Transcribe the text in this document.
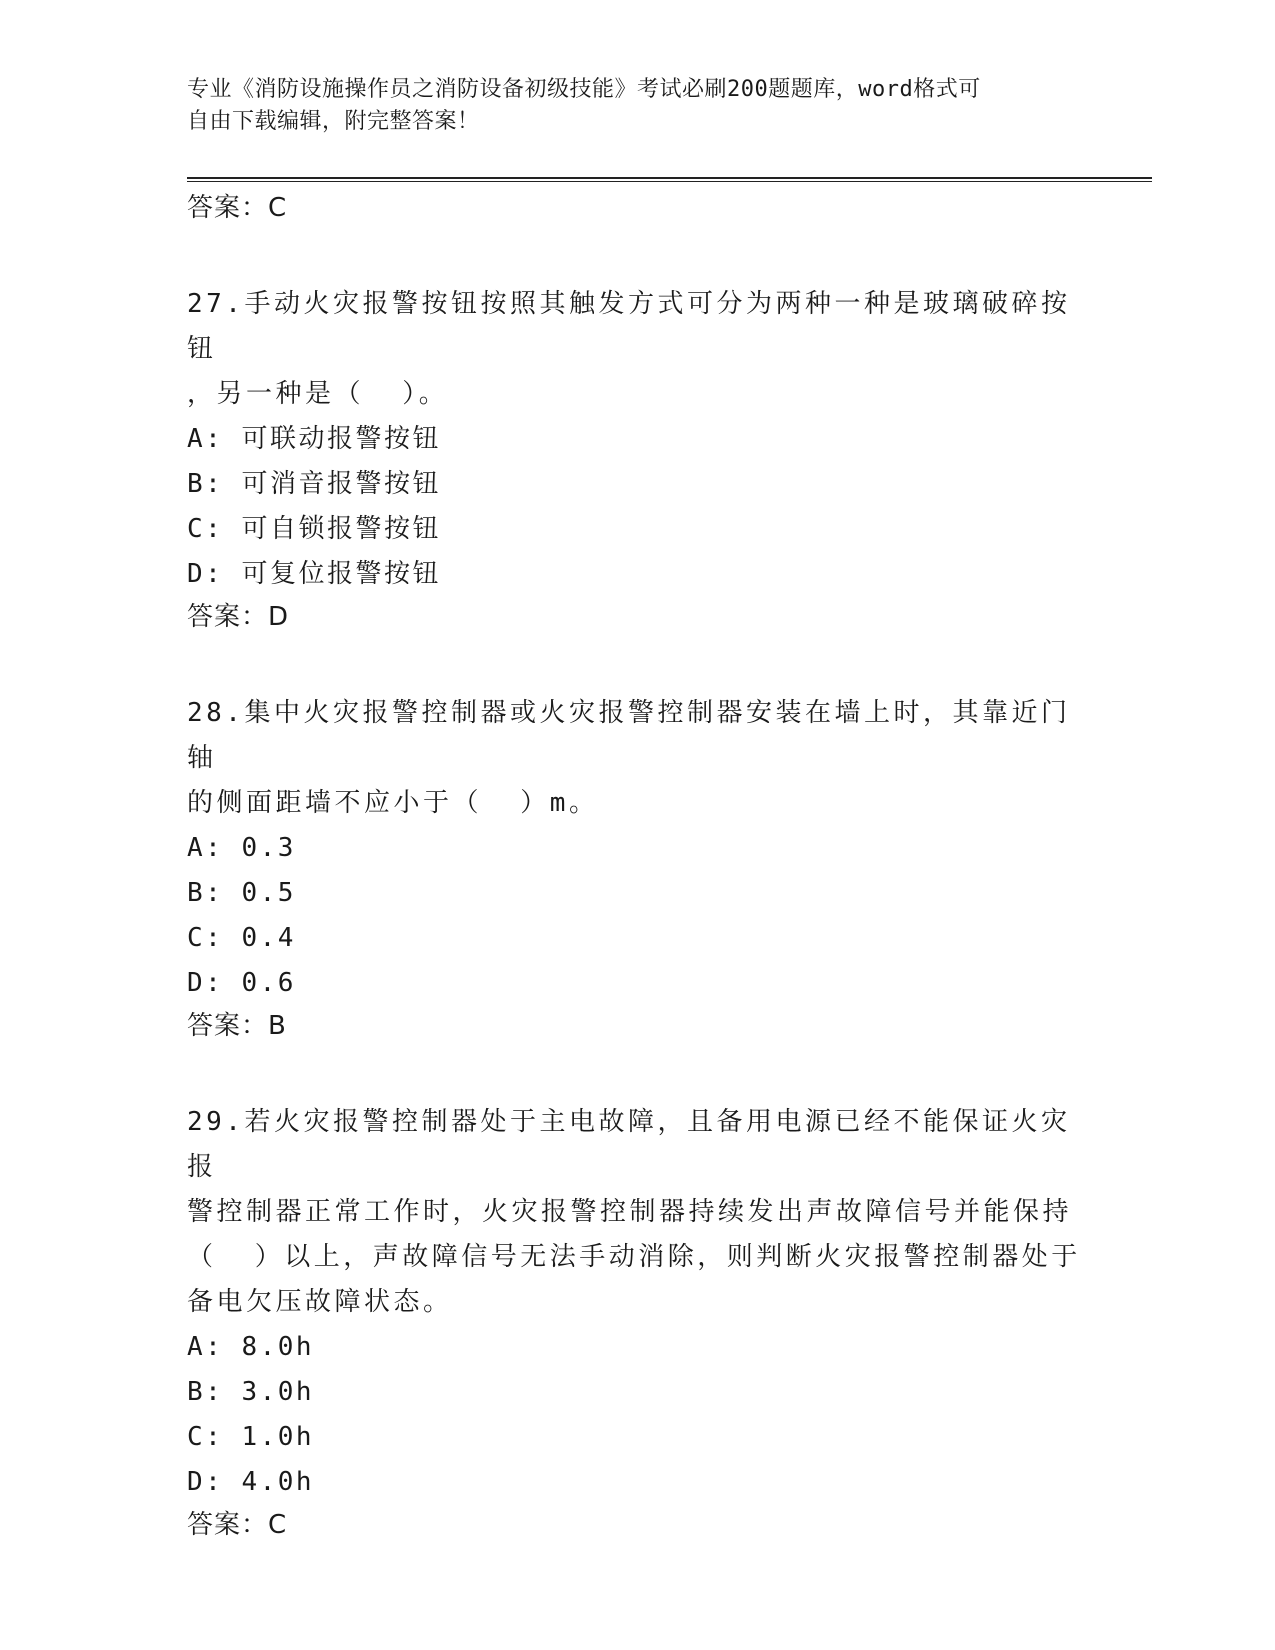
专业《消防设施操作员之消防设备初级技能》考试必刷200题题库，word格式可
自由下载编辑，附完整答案！

答案：C

27.手动火灾报警按钮按照其触发方式可分为两种一种是玻璃破碎按钮

，另一种是（  ）。

A: 可联动报警按钮

B: 可消音报警按钮

C: 可自锁报警按钮

D: 可复位报警按钮

答案：D

28.集中火灾报警控制器或火灾报警控制器安装在墙上时，其靠近门轴

的侧面距墙不应小于（  ）m。

A: 0.3

B: 0.5

C: 0.4

D: 0.6

答案：B

29.若火灾报警控制器处于主电故障，且备用电源已经不能保证火灾报

警控制器正常工作时，火灾报警控制器持续发出声故障信号并能保持

（  ）以上，声故障信号无法手动消除，则判断火灾报警控制器处于

备电欠压故障状态。

A: 8.0h

B: 3.0h

C: 1.0h

D: 4.0h

答案：C
